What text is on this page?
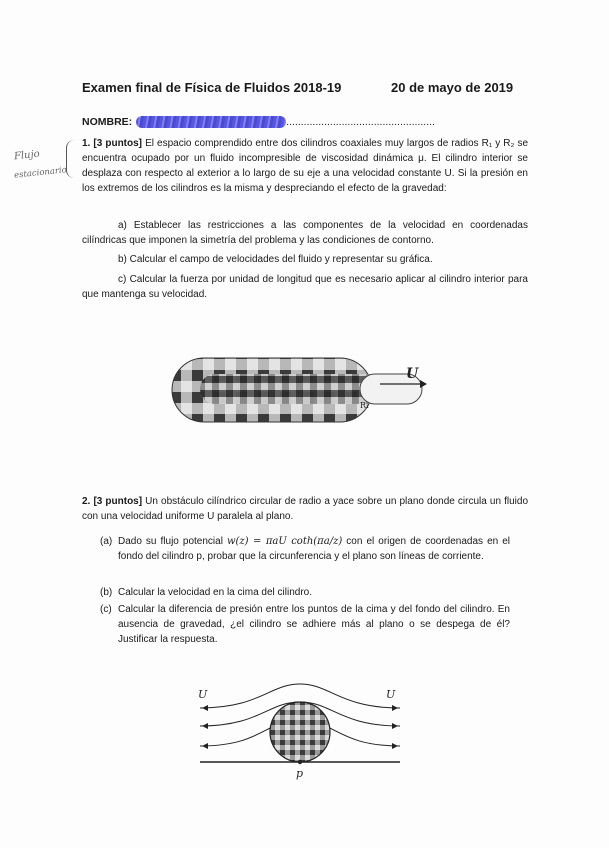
Examen final de Física de Fluidos 2018-19	20 de mayo de 2019
NOMBRE:	...................................................
Flujo
estacionario
1. [3 puntos] El espacio comprendido entre dos cilindros coaxiales muy largos de radios R₁ y R₂ se encuentra ocupado por un fluido incompresible de viscosidad dinámica μ. El cilindro interior se desplaza con respecto al exterior a lo largo de su eje a una velocidad constante U. Si la presión en los extremos de los cilindros es la misma y despreciando el efecto de la gravedad:
a) Establecer las restricciones a las componentes de la velocidad en coordenadas cilíndricas que imponen la simetría del problema y las condiciones de contorno.
b) Calcular el campo de velocidades del fluido y representar su gráfica.
c) Calcular la fuerza por unidad de longitud que es necesario aplicar al cilindro interior para que mantenga su velocidad.
U
R₁
2. [3 puntos] Un obstáculo cilíndrico circular de radio a yace sobre un plano donde circula un fluido con una velocidad uniforme U paralela al plano.
(a) Dado su flujo potencial w(z) = πaU coth(πa/z) con el origen de coordenadas en el fondo del cilindro p, probar que la circunferencia y el plano son líneas de corriente.
(b) Calcular la velocidad en la cima del cilindro.
(c) Calcular la diferencia de presión entre los puntos de la cima y del fondo del cilindro. En ausencia de gravedad, ¿el cilindro se adhiere más al plano o se despega de él? Justificar la respuesta.
U	U
p
